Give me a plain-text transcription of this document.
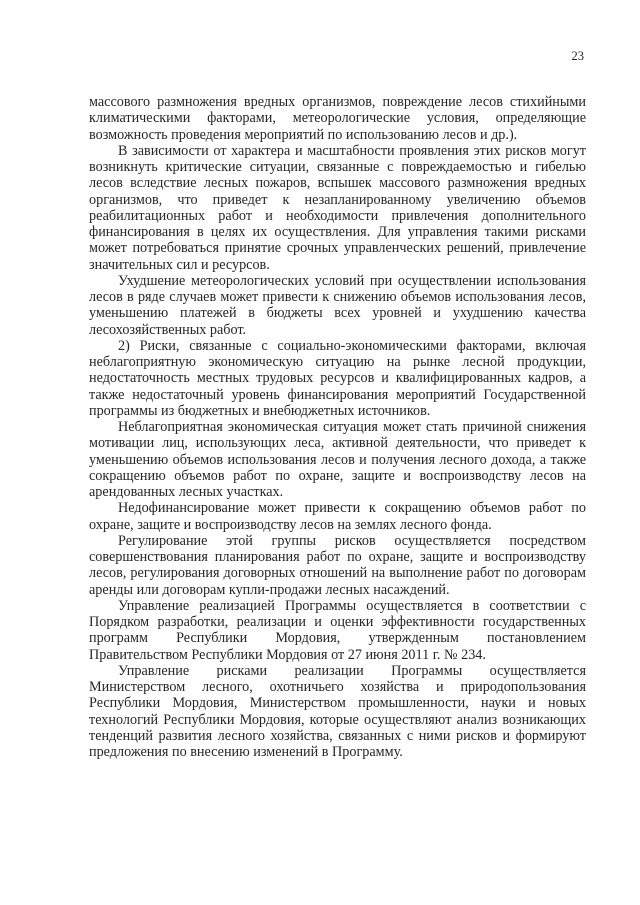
23

массового размножения вредных организмов, повреждение лесов стихийными климатическими факторами, метеорологические условия, определяющие возможность проведения мероприятий по использованию лесов и др.).

В зависимости от характера и масштабности проявления этих рисков могут возникнуть критические ситуации, связанные с повреждаемостью и гибелью лесов вследствие лесных пожаров, вспышек массового размножения вредных организмов, что приведет к незапланированному увеличению объемов реабилитационных работ и необходимости привлечения дополнительного финансирования в целях их осуществления. Для управления такими рисками может потребоваться принятие срочных управленческих решений, привлечение значительных сил и ресурсов.

Ухудшение метеорологических условий при осуществлении использования лесов в ряде случаев может привести к снижению объемов использования лесов, уменьшению платежей в бюджеты всех уровней и ухудшению качества лесохозяйственных работ.

2) Риски, связанные с социально-экономическими факторами, включая неблагоприятную экономическую ситуацию на рынке лесной продукции, недостаточность местных трудовых ресурсов и квалифицированных кадров, а также недостаточный уровень финансирования мероприятий Государственной программы из бюджетных и внебюджетных источников.

Неблагоприятная экономическая ситуация может стать причиной снижения мотивации лиц, использующих леса, активной деятельности, что приведет к уменьшению объемов использования лесов и получения лесного дохода, а также сокращению объемов работ по охране, защите и воспроизводству лесов на арендованных лесных участках.

Недофинансирование может привести к сокращению объемов работ по охране, защите и воспроизводству лесов на землях лесного фонда.

Регулирование этой группы рисков осуществляется посредством совершенствования планирования работ по охране, защите и воспроизводству лесов, регулирования договорных отношений на выполнение работ по договорам аренды или договорам купли-продажи лесных насаждений.

Управление реализацией Программы осуществляется в соответствии с Порядком разработки, реализации и оценки эффективности государственных программ Республики Мордовия, утвержденным постановлением Правительством Республики Мордовия от 27 июня 2011 г. № 234.

Управление рисками реализации Программы осуществляется Министерством лесного, охотничьего хозяйства и природопользования Республики Мордовия, Министерством промышленности, науки и новых технологий Республики Мордовия, которые осуществляют анализ возникающих тенденций развития лесного хозяйства, связанных с ними рисков и формируют предложения по внесению изменений в Программу.
